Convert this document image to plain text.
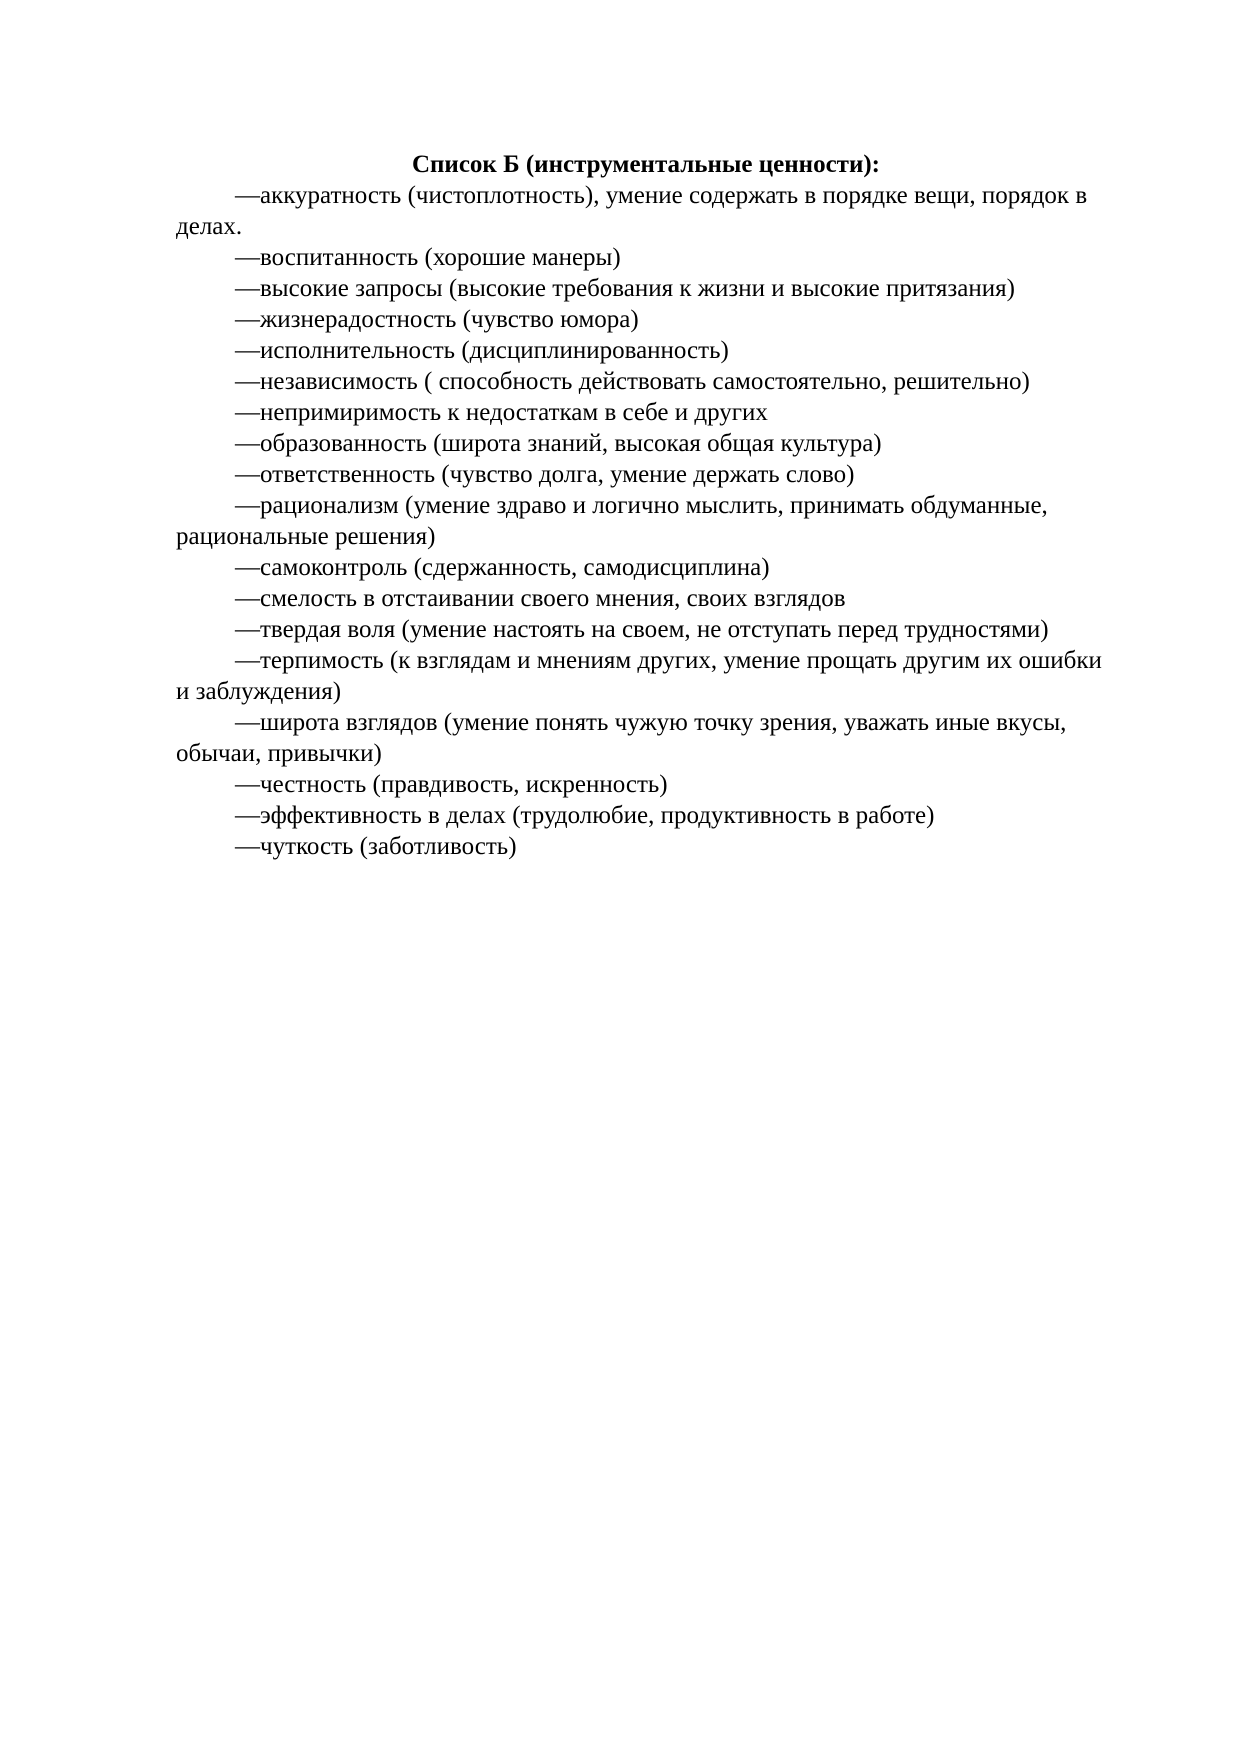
Список Б (инструментальные ценности):
—аккуратность (чистоплотность), умение содержать в порядке вещи, порядок в делах.
—воспитанность (хорошие манеры)
—высокие запросы (высокие требования к жизни и высокие притязания)
—жизнерадостность (чувство юмора)
—исполнительность (дисциплинированность)
—независимость ( способность действовать самостоятельно, решительно)
—непримиримость к недостаткам в себе и других
—образованность (широта знаний, высокая общая культура)
—ответственность (чувство долга, умение держать слово)
—рационализм (умение здраво и логично мыслить, принимать обдуманные, рациональные решения)
—самоконтроль (сдержанность, самодисциплина)
—смелость в отстаивании своего мнения, своих взглядов
—твердая воля (умение настоять на своем, не отступать перед трудностями)
—терпимость (к взглядам и мнениям других, умение прощать другим их ошибки и заблуждения)
—широта взглядов (умение понять чужую точку зрения, уважать иные вкусы, обычаи, привычки)
—честность (правдивость, искренность)
—эффективность в делах (трудолюбие, продуктивность в работе)
—чуткость (заботливость)
